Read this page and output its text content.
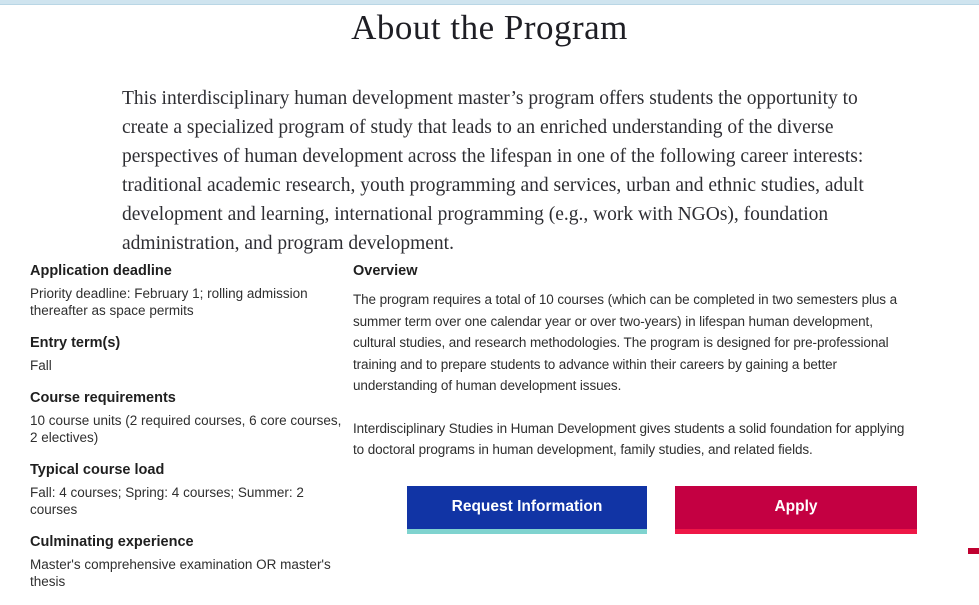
About the Program
This interdisciplinary human development master’s program offers students the opportunity to create a specialized program of study that leads to an enriched understanding of the diverse perspectives of human development across the lifespan in one of the following career interests: traditional academic research, youth programming and services, urban and ethnic studies, adult development and learning, international programming (e.g., work with NGOs), foundation administration, and program development.
Application deadline
Priority deadline: February 1; rolling admission thereafter as space permits
Entry term(s)
Fall
Course requirements
10 course units (2 required courses, 6 core courses, 2 electives)
Typical course load
Fall: 4 courses; Spring: 4 courses; Summer: 2 courses
Culminating experience
Master's comprehensive examination OR master's thesis
Overview

The program requires a total of 10 courses (which can be completed in two semesters plus a summer term over one calendar year or over two-years) in lifespan human development, cultural studies, and research methodologies. The program is designed for pre-professional training and to prepare students to advance within their careers by gaining a better understanding of human development issues.

Interdisciplinary Studies in Human Development gives students a solid foundation for applying to doctoral programs in human development, family studies, and related fields.

Request Information	Apply
